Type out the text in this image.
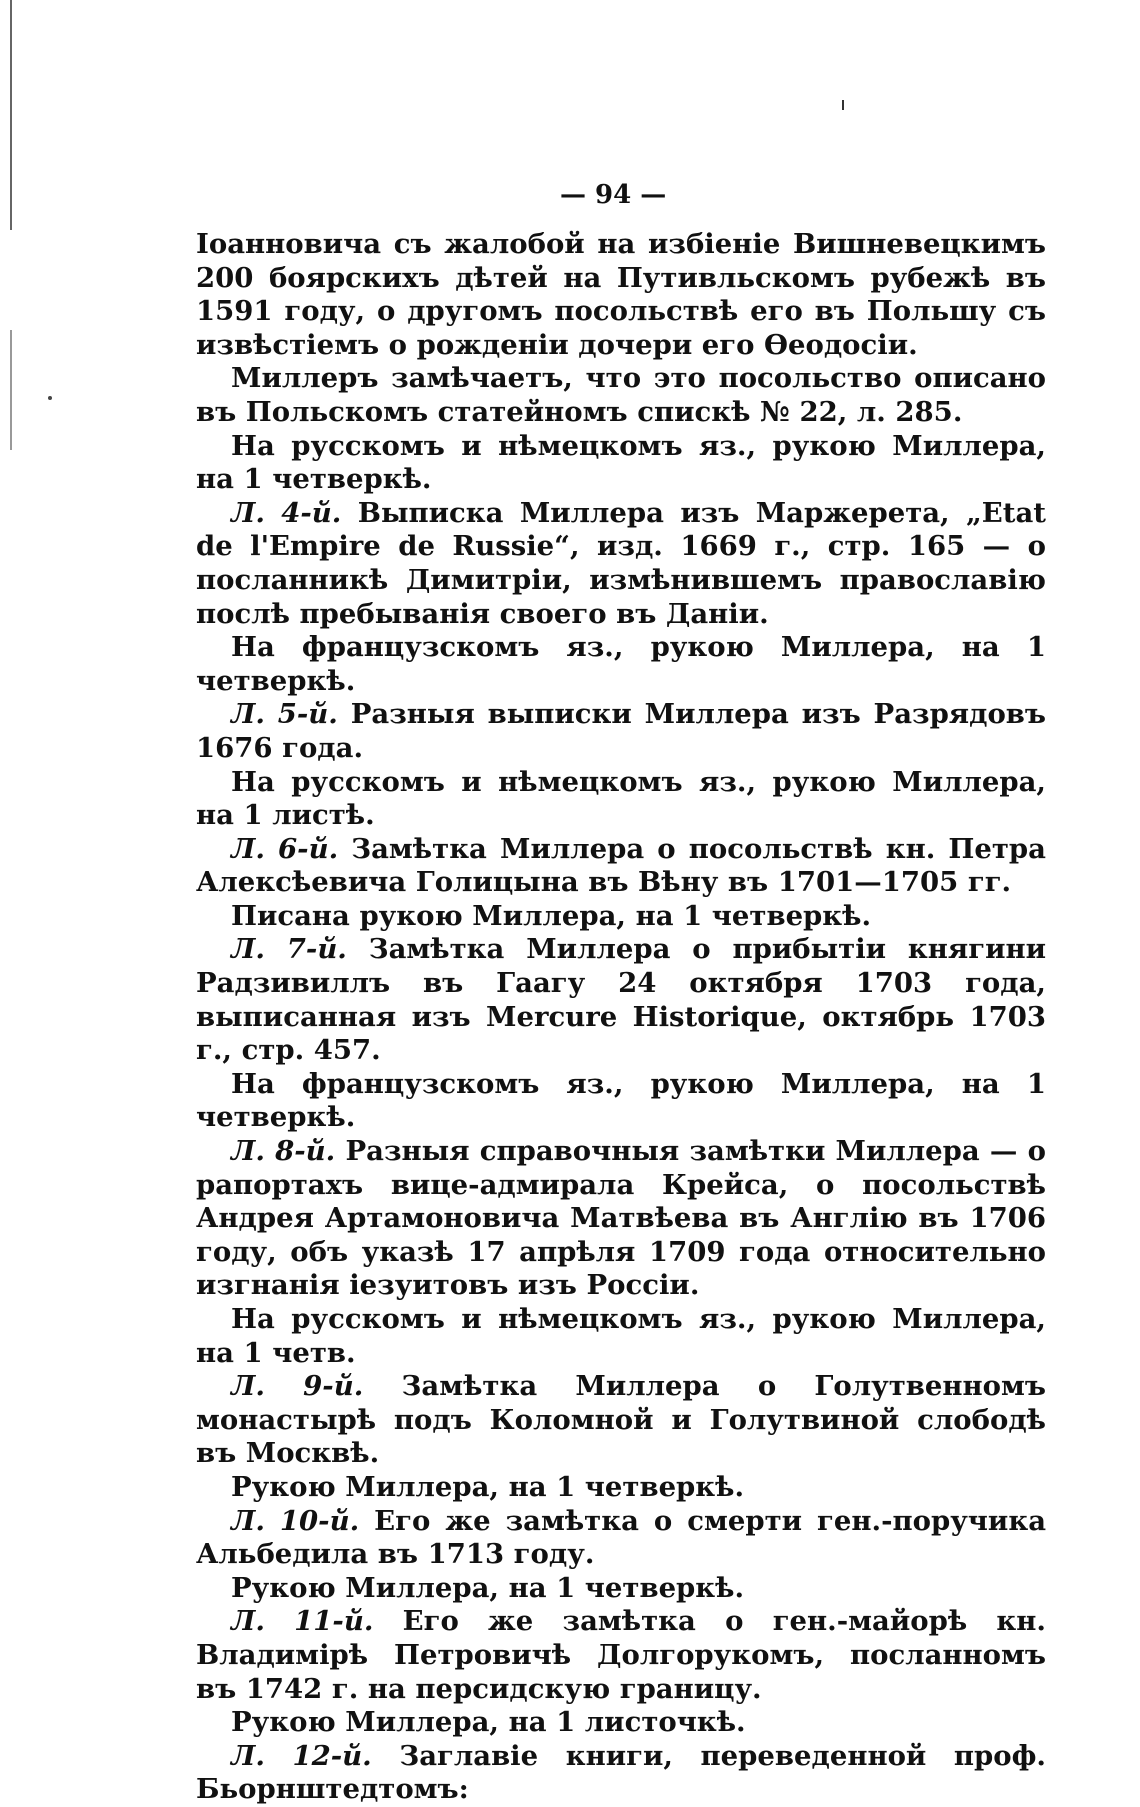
— 94 —

Іоанновича съ жалобой на избіеніе Вишневецкимъ 200 боярскихъ дѣтей на Путивльскомъ рубежѣ въ 1591 году, о другомъ посольствѣ его въ Польшу съ извѣстіемъ о рожденіи дочери его Ѳеодосіи.

Миллеръ замѣчаетъ, что это посольство описано въ Польскомъ статейномъ спискѣ № 22, л. 285.

На русскомъ и нѣмецкомъ яз., рукою Миллера, на 1 четверкѣ.

Л. 4-й. Выписка Миллера изъ Маржерета, „Etat de l'Empire de Russie“, изд. 1669 г., стр. 165 — о посланникѣ Димитріи, измѣнившемъ православію послѣ пребыванія своего въ Даніи.

На французскомъ яз., рукою Миллера, на 1 четверкѣ.

Л. 5-й. Разныя выписки Миллера изъ Разрядовъ 1676 года.

На русскомъ и нѣмецкомъ яз., рукою Миллера, на 1 листѣ.

Л. 6-й. Замѣтка Миллера о посольствѣ кн. Петра Алексѣевича Голицына въ Вѣну въ 1701—1705 гг.

Писана рукою Миллера, на 1 четверкѣ.

Л. 7-й. Замѣтка Миллера о прибытіи княгини Радзивиллъ въ Гаагу 24 октября 1703 года, выписанная изъ Mercure Historique, октябрь 1703 г., стр. 457.

На французскомъ яз., рукою Миллера, на 1 четверкѣ.

Л. 8-й. Разныя справочныя замѣтки Миллера — о рапортахъ вице-адмирала Крейса, о посольствѣ Андрея Артамоновича Матвѣева въ Англію въ 1706 году, объ указѣ 17 апрѣля 1709 года относительно изгнанія іезуитовъ изъ Россіи.

На русскомъ и нѣмецкомъ яз., рукою Миллера, на 1 четв.

Л. 9-й. Замѣтка Миллера о Голутвенномъ монастырѣ подъ Коломной и Голутвиной слободѣ въ Москвѣ.

Рукою Миллера, на 1 четверкѣ.

Л. 10-й. Его же замѣтка о смерти ген.-поручика Альбедила въ 1713 году.

Рукою Миллера, на 1 четверкѣ.

Л. 11-й. Его же замѣтка о ген.-майорѣ кн. Владимірѣ Петровичѣ Долгорукомъ, посланномъ въ 1742 г. на персидскую границу.

Рукою Миллера, на 1 листочкѣ.

Л. 12-й. Заглавіе книги, переведенной проф. Бьорнштедтомъ:
